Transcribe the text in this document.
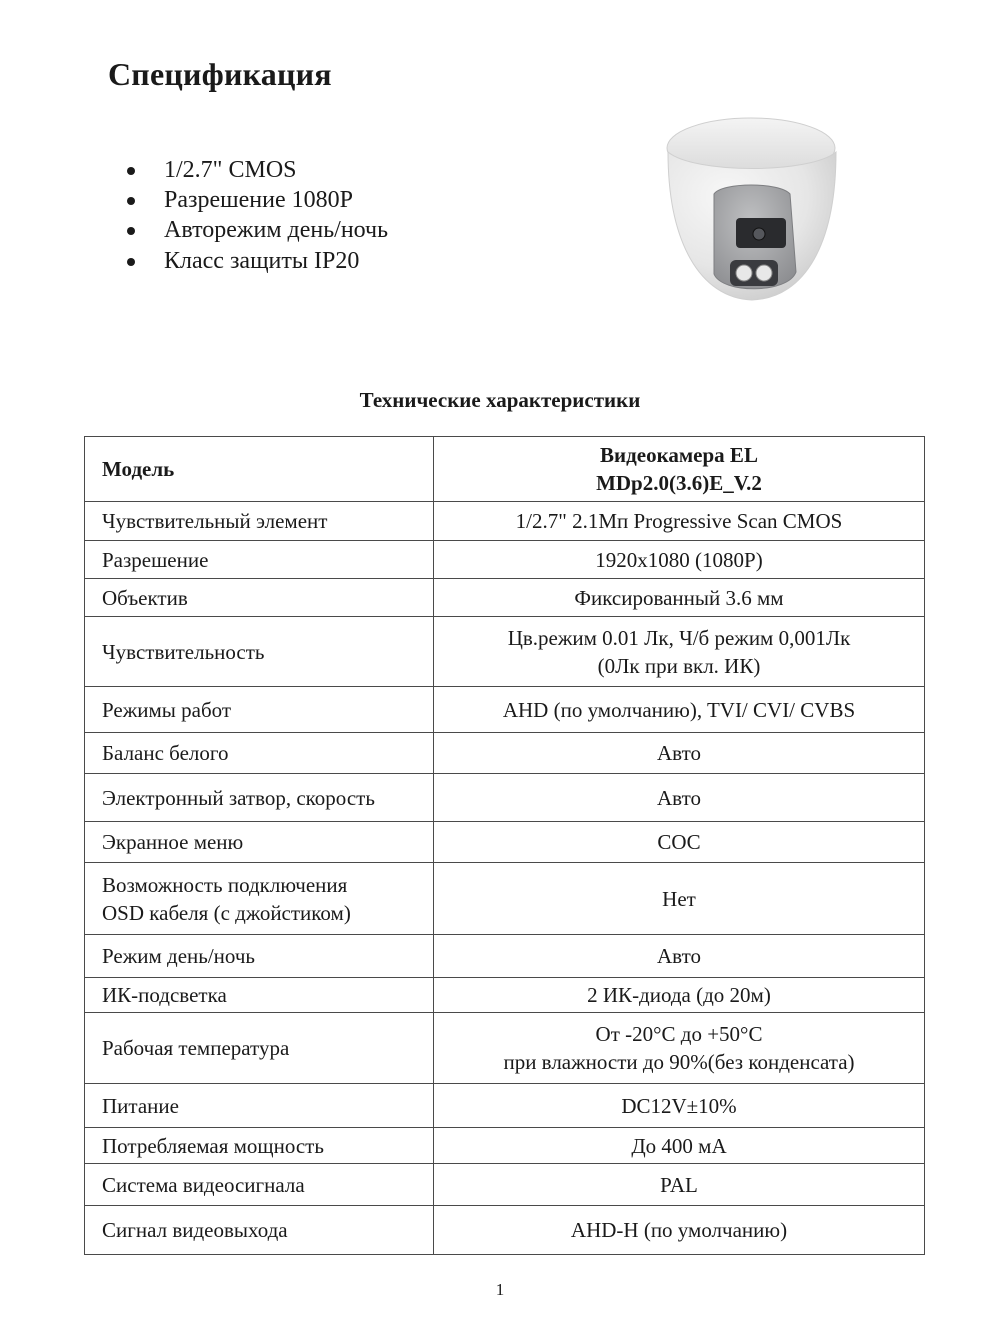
Спецификация
1/2.7" CMOS
Разрешение 1080P
Авторежим день/ночь
Класс защиты IP20

Технические характеристики

Модель	Видеокамера EL
MDp2.0(3.6)E_V.2

Чувствительный элемент	1/2.7" 2.1Мп Progressive Scan CMOS
Разрешение	1920x1080 (1080P)
Объектив	Фиксированный 3.6 мм
Чувствительность	Цв.режим 0.01 Лк, Ч/б режим 0,001Лк
(0Лк при вкл. ИК)

Режимы работ	AHD (по умолчанию), TVI/ CVI/ CVBS
Баланс белого	Авто
Электронный затвор, скорость	Авто
Экранное меню	COC

Возможность подключения
OSD кабеля (с джойстиком)	Нет
Режим день/ночь	Авто
ИК-подсветка	2 ИК-диода (до 20м)
Рабочая температура	От -20°C до +50°C
при влажности до 90%(без конденсата)

Питание	DC12V±10%
Потребляемая мощность	До 400 мА
Система видеосигнала	PAL
Сигнал видеовыхода	AHD-H (по умолчанию)
1
